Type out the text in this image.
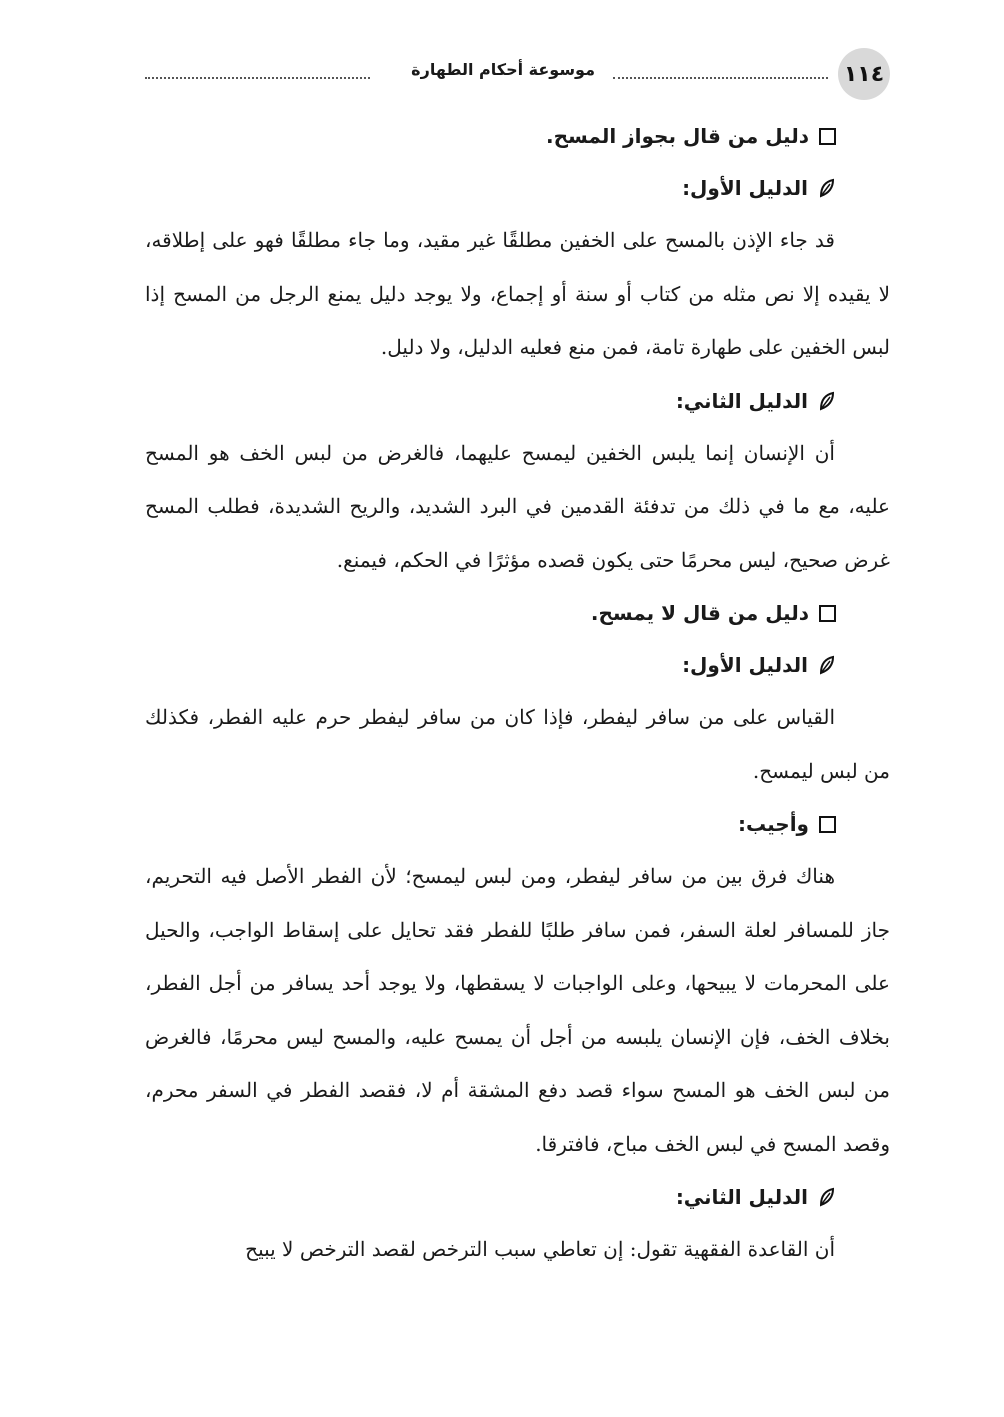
١١٤
موسوعة أحكام الطهارة
دليل من قال بجواز المسح.
الدليل الأول:

قد جاء الإذن بالمسح على الخفين مطلقًا غير مقيد، وما جاء مطلقًا فهو على إطلاقه، لا يقيده إلا نص مثله من كتاب أو سنة أو إجماع، ولا يوجد دليل يمنع الرجل من المسح إذا لبس الخفين على طهارة تامة، فمن منع فعليه الدليل، ولا دليل.

الدليل الثاني:

أن الإنسان إنما يلبس الخفين ليمسح عليهما، فالغرض من لبس الخف هو المسح عليه، مع ما في ذلك من تدفئة القدمين في البرد الشديد، والريح الشديدة، فطلب المسح غرض صحيح، ليس محرمًا حتى يكون قصده مؤثرًا في الحكم، فيمنع.

دليل من قال لا يمسح.
الدليل الأول:

القياس على من سافر ليفطر، فإذا كان من سافر ليفطر حرم عليه الفطر، فكذلك من لبس ليمسح.

وأجيب:

هناك فرق بين من سافر ليفطر، ومن لبس ليمسح؛ لأن الفطر الأصل فيه التحريم، جاز للمسافر لعلة السفر، فمن سافر طلبًا للفطر فقد تحايل على إسقاط الواجب، والحيل على المحرمات لا يبيحها، وعلى الواجبات لا يسقطها، ولا يوجد أحد يسافر من أجل الفطر، بخلاف الخف، فإن الإنسان يلبسه من أجل أن يمسح عليه، والمسح ليس محرمًا، فالغرض من لبس الخف هو المسح سواء قصد دفع المشقة أم لا، فقصد الفطر في السفر محرم، وقصد المسح في لبس الخف مباح، فافترقا.

الدليل الثاني:

أن القاعدة الفقهية تقول: إن تعاطي سبب الترخص لقصد الترخص لا يبيح
